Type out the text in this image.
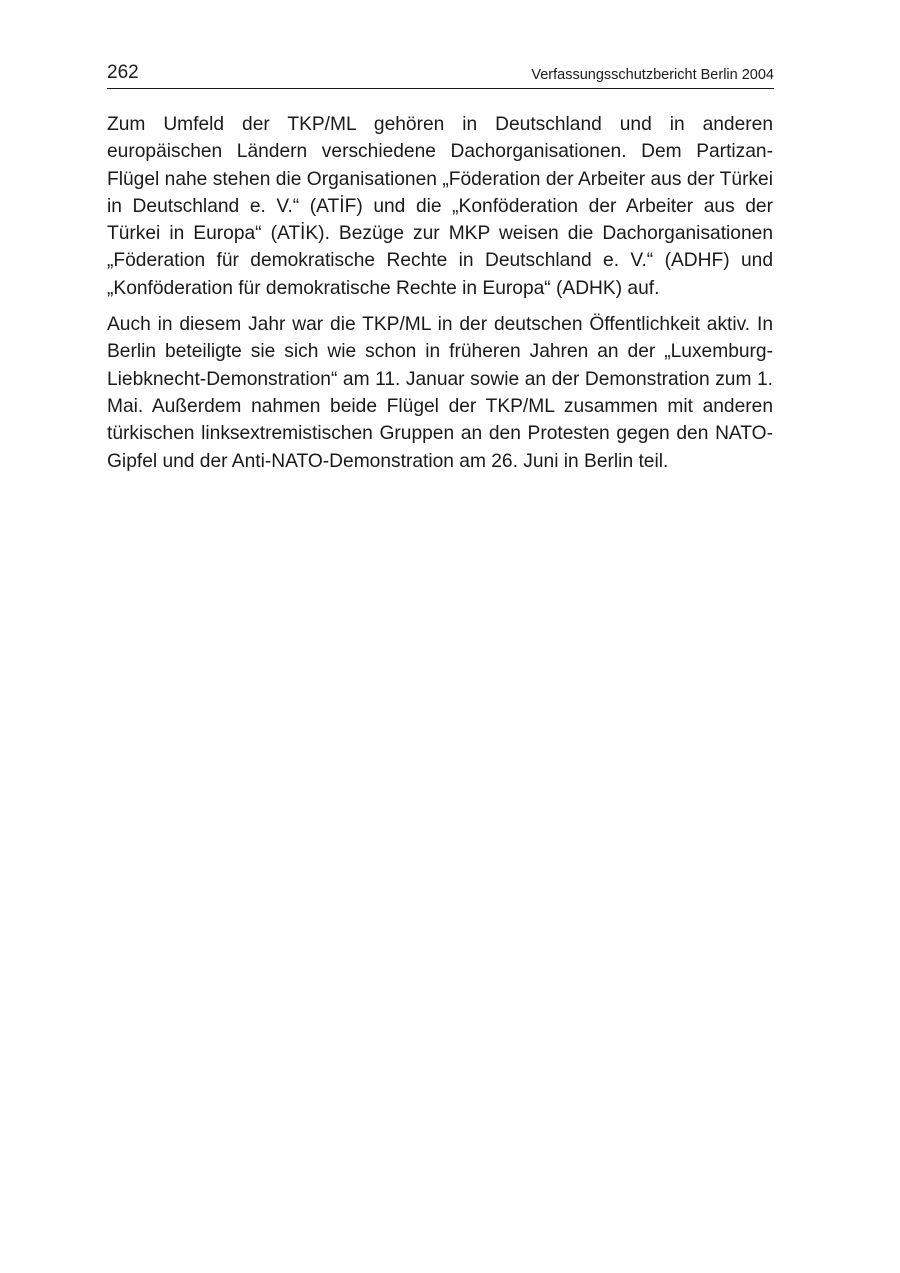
262	Verfassungsschutzbericht Berlin 2004

Zum Umfeld der TKP/ML gehören in Deutschland und in anderen europäischen Ländern verschiedene Dachorganisationen. Dem Partizan-Flügel nahe stehen die Organisationen „Föderation der Arbeiter aus der Türkei in Deutschland e. V.“ (ATİF) und die „Konföderation der Arbeiter aus der Türkei in Europa“ (ATİK). Bezüge zur MKP weisen die Dachorganisationen „Föderation für demokratische Rechte in Deutschland e. V.“ (ADHF) und „Konföderation für demokratische Rechte in Europa“ (ADHK) auf.

Auch in diesem Jahr war die TKP/ML in der deutschen Öffentlichkeit aktiv. In Berlin beteiligte sie sich wie schon in früheren Jahren an der „Luxemburg-Liebknecht-Demonstration“ am 11. Januar sowie an der Demonstration zum 1. Mai. Außerdem nahmen beide Flügel der TKP/ML zusammen mit anderen türkischen linksextremistischen Gruppen an den Protesten gegen den NATO-Gipfel und der Anti-NATO-Demonstration am 26. Juni in Berlin teil.
